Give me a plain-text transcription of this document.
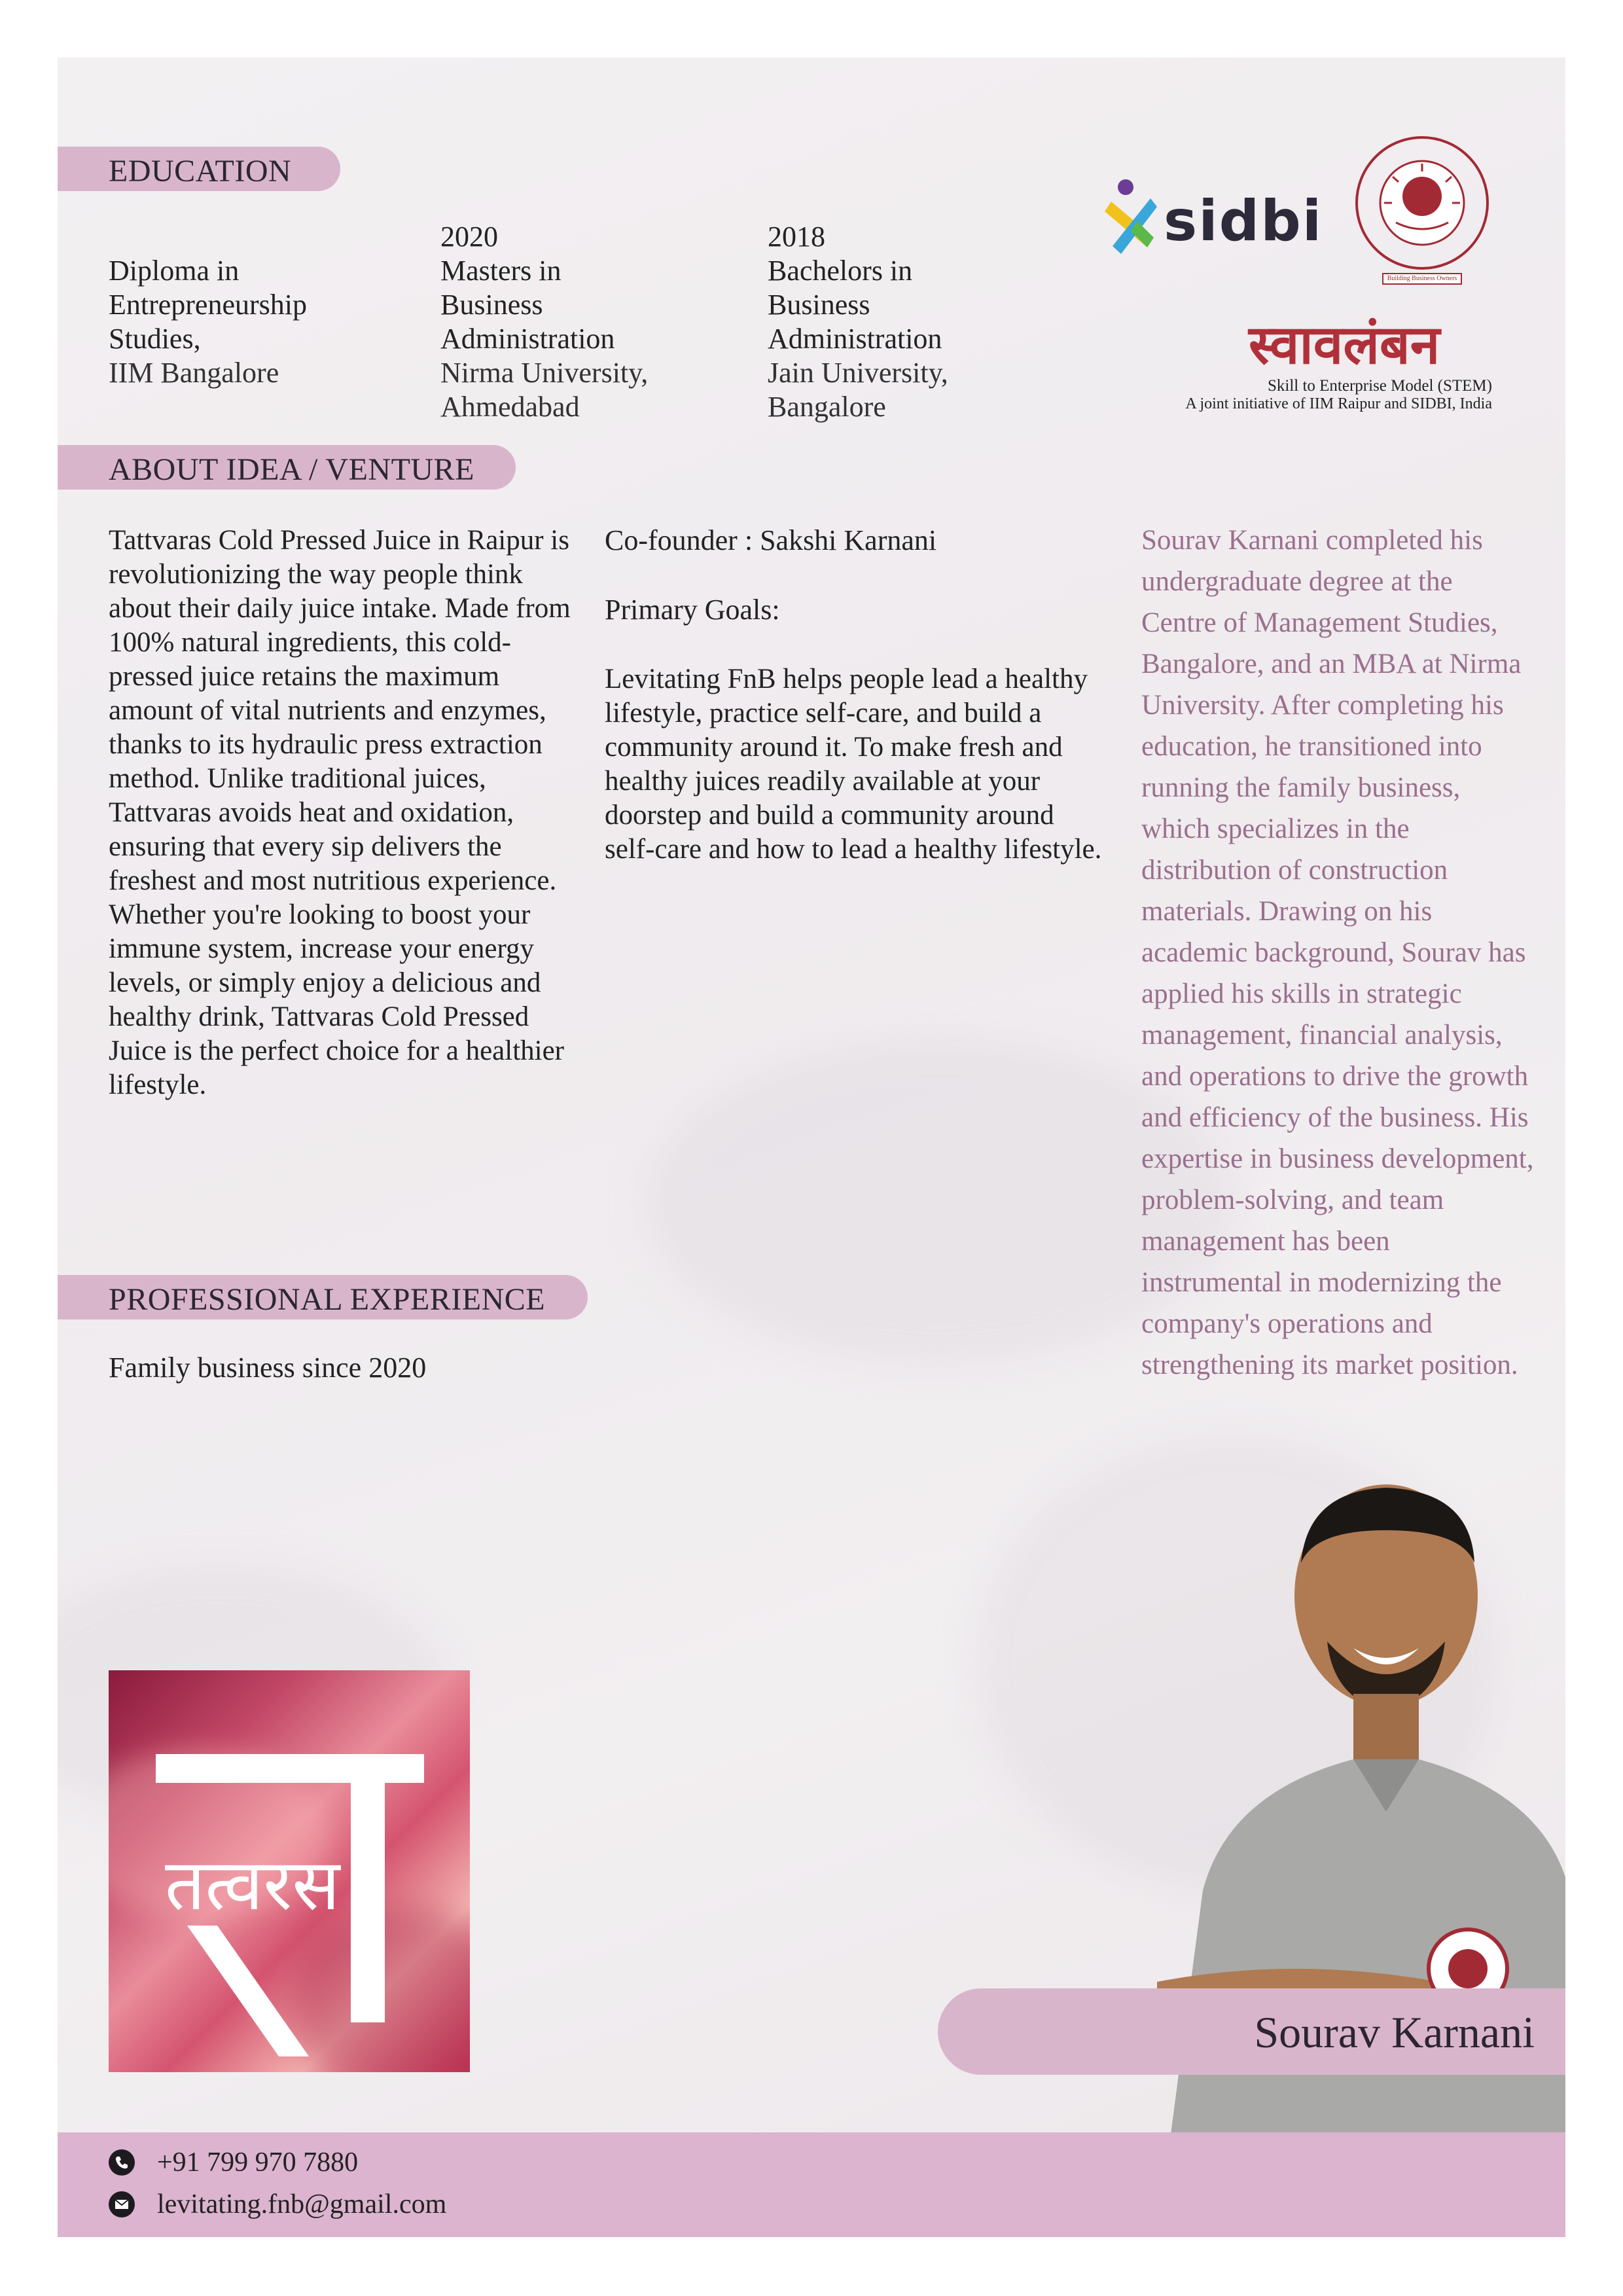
EDUCATION
Diploma in
Entrepreneurship
Studies,
IIM Bangalore
2020
Masters in
Business
Administration
Nirma University,
Ahmedabad
2018
Bachelors in
Business
Administration
Jain University,
Bangalore
sidbi
Building Business Owners
स्वावलंबन
Skill to Enterprise Model (STEM)
A joint initiative of IIM Raipur and SIDBI, India
ABOUT IDEA / VENTURE
Tattvaras Cold Pressed Juice in Raipur is revolutionizing the way people think about their daily juice intake. Made from 100% natural ingredients, this cold-pressed juice retains the maximum amount of vital nutrients and enzymes, thanks to its hydraulic press extraction method. Unlike traditional juices, Tattvaras avoids heat and oxidation, ensuring that every sip delivers the freshest and most nutritious experience. Whether you're looking to boost your immune system, increase your energy levels, or simply enjoy a delicious and healthy drink, Tattvaras Cold Pressed Juice is the perfect choice for a healthier lifestyle.
Co-founder : Sakshi Karnani
Primary Goals:
Levitating FnB helps people lead a healthy lifestyle, practice self-care, and build a community around it. To make fresh and healthy juices readily available at your doorstep and build a community around self-care and how to lead a healthy lifestyle.
Sourav Karnani completed his undergraduate degree at the Centre of Management Studies, Bangalore, and an MBA at Nirma University. After completing his education, he transitioned into running the family business, which specializes in the distribution of construction materials. Drawing on his academic background, Sourav has applied his skills in strategic management, financial analysis, and operations to drive the growth and efficiency of the business. His expertise in business development, problem-solving, and team management has been instrumental in modernizing the company's operations and strengthening its market position.
PROFESSIONAL EXPERIENCE
Family business since 2020
तत्वरस
Sourav Karnani
+91 799 970 7880
levitating.fnb@gmail.com
